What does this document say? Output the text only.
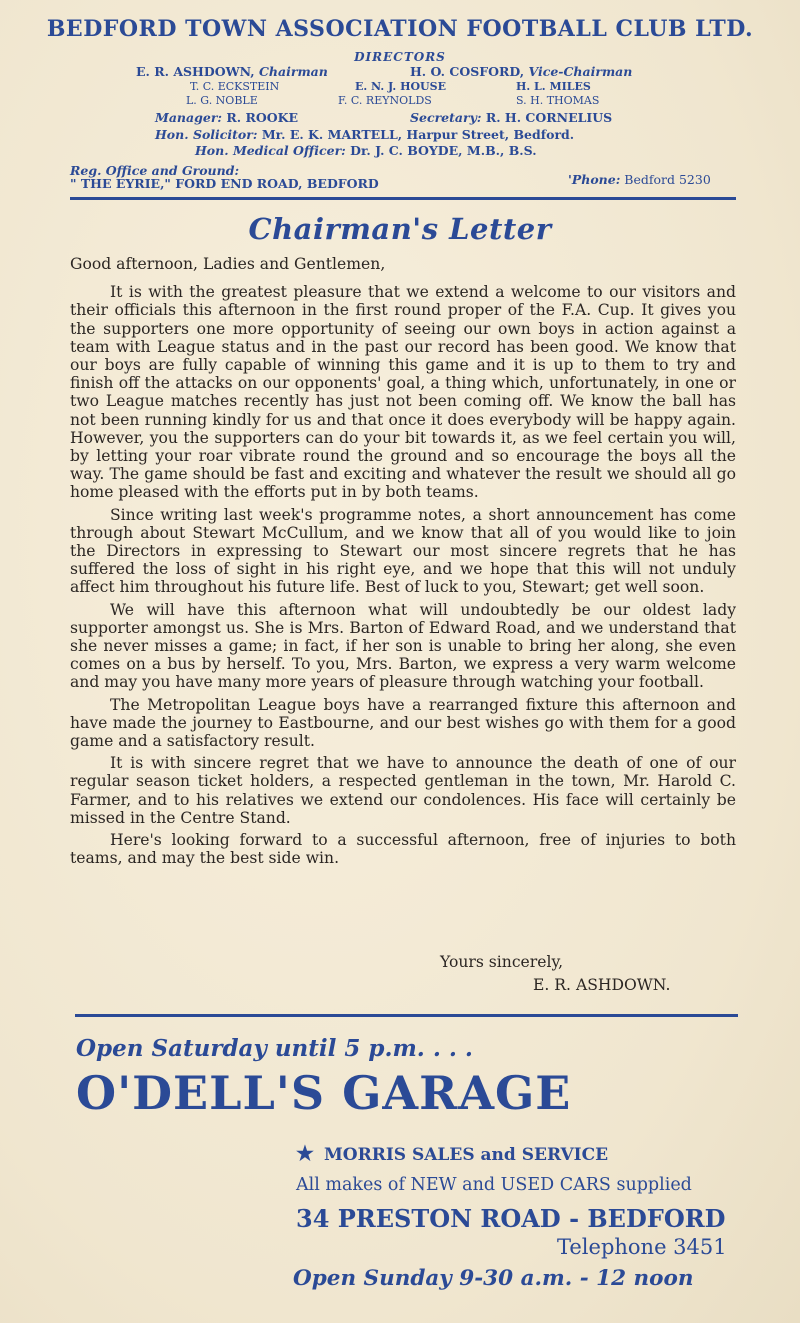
BEDFORD TOWN ASSOCIATION FOOTBALL CLUB LTD.
DIRECTORS
E. R. ASHDOWN, Chairman	H. O. COSFORD, Vice-Chairman
T. C. ECKSTEIN	E. N. J. HOUSE	H. L. MILES
L. G. NOBLE	F. C. REYNOLDS	S. H. THOMAS
Manager: R. ROOKE	Secretary: R. H. CORNELIUS
Hon. Solicitor: Mr. E. K. MARTELL, Harpur Street, Bedford.
Hon. Medical Officer: Dr. J. C. BOYDE, M.B., B.S.
Reg. Office and Ground:
" THE EYRIE," FORD END ROAD, BEDFORD	'Phone: Bedford 5230
Chairman's Letter

Good afternoon, Ladies and Gentlemen,

It is with the greatest pleasure that we extend a welcome to our visitors and their officials this afternoon in the first round proper of the F.A. Cup. It gives you the supporters one more opportunity of seeing our own boys in action against a team with League status and in the past our record has been good. We know that our boys are fully capable of winning this game and it is up to them to try and finish off the attacks on our opponents' goal, a thing which, unfortunately, in one or two League matches recently has just not been coming off. We know the ball has not been running kindly for us and that once it does everybody will be happy again. However, you the supporters can do your bit towards it, as we feel certain you will, by letting your roar vibrate round the ground and so encourage the boys all the way. The game should be fast and exciting and whatever the result we should all go home pleased with the efforts put in by both teams.

Since writing last week's programme notes, a short announcement has come through about Stewart McCullum, and we know that all of you would like to join the Directors in expressing to Stewart our most sincere regrets that he has suffered the loss of sight in his right eye, and we hope that this will not unduly affect him throughout his future life. Best of luck to you, Stewart; get well soon.

We will have this afternoon what will undoubtedly be our oldest lady supporter amongst us. She is Mrs. Barton of Edward Road, and we understand that she never misses a game; in fact, if her son is unable to bring her along, she even comes on a bus by herself. To you, Mrs. Barton, we express a very warm welcome and may you have many more years of pleasure through watching your football.

The Metropolitan League boys have a rearranged fixture this afternoon and have made the journey to Eastbourne, and our best wishes go with them for a good game and a satisfactory result.

It is with sincere regret that we have to announce the death of one of our regular season ticket holders, a respected gentleman in the town, Mr. Harold C. Farmer, and to his relatives we extend our condolences. His face will certainly be missed in the Centre Stand.

Here's looking forward to a successful afternoon, free of injuries to both teams, and may the best side win.

Yours sincerely,
E. R. ASHDOWN.
Open Saturday until 5 p.m. . . .
O'DELL'S GARAGE
★ MORRIS SALES and SERVICE
All makes of NEW and USED CARS supplied
34 PRESTON ROAD - BEDFORD
Telephone 3451
Open Sunday 9-30 a.m. - 12 noon
